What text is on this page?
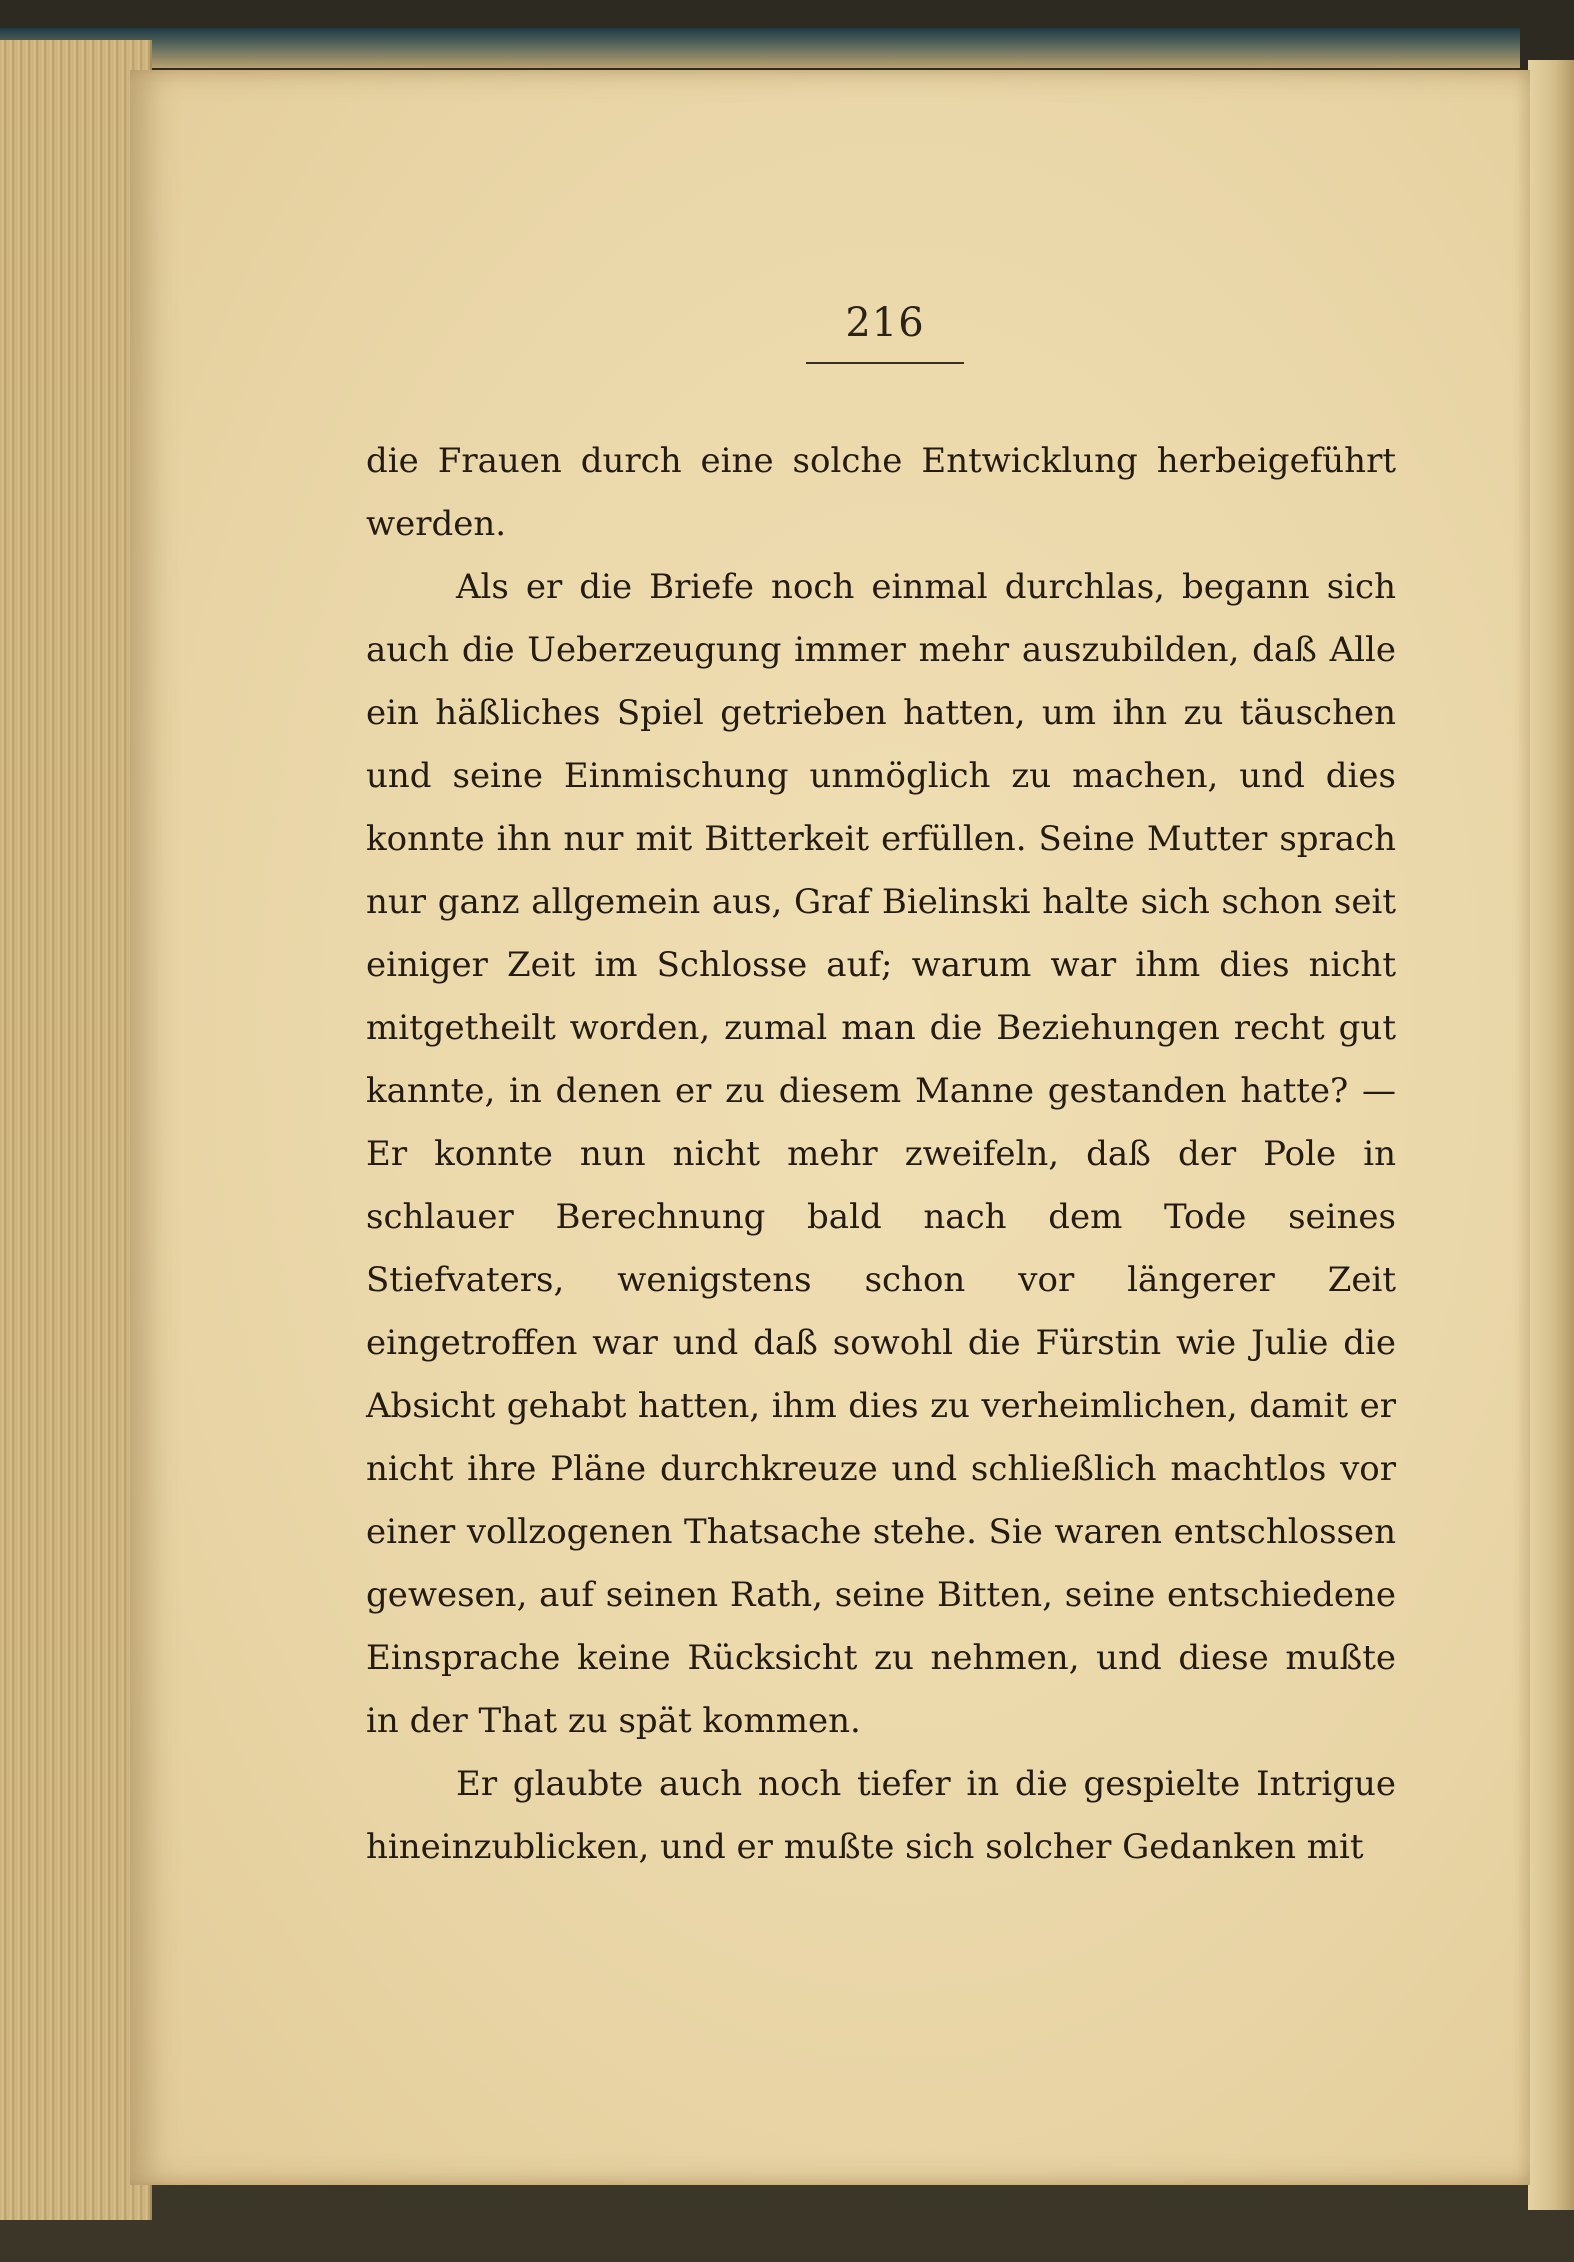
216

die Frauen durch eine solche Entwicklung herbeigeführt werden.

Als er die Briefe noch einmal durchlas, begann sich auch die Ueberzeugung immer mehr auszubilden, daß Alle ein häßliches Spiel getrieben hatten, um ihn zu täuschen und seine Einmischung unmöglich zu machen, und dies konnte ihn nur mit Bitterkeit erfüllen. Seine Mutter sprach nur ganz allgemein aus, Graf Bielinski halte sich schon seit einiger Zeit im Schlosse auf; warum war ihm dies nicht mitgetheilt worden, zumal man die Beziehungen recht gut kannte, in denen er zu diesem Manne gestanden hatte? — Er konnte nun nicht mehr zweifeln, daß der Pole in schlauer Berechnung bald nach dem Tode seines Stiefvaters, wenigstens schon vor längerer Zeit eingetroffen war und daß sowohl die Fürstin wie Julie die Absicht gehabt hatten, ihm dies zu verheimlichen, damit er nicht ihre Pläne durchkreuze und schließlich machtlos vor einer vollzogenen Thatsache stehe. Sie waren entschlossen gewesen, auf seinen Rath, seine Bitten, seine entschiedene Einsprache keine Rücksicht zu nehmen, und diese mußte in der That zu spät kommen.

Er glaubte auch noch tiefer in die gespielte Intrigue hineinzublicken, und er mußte sich solcher Gedanken mit
